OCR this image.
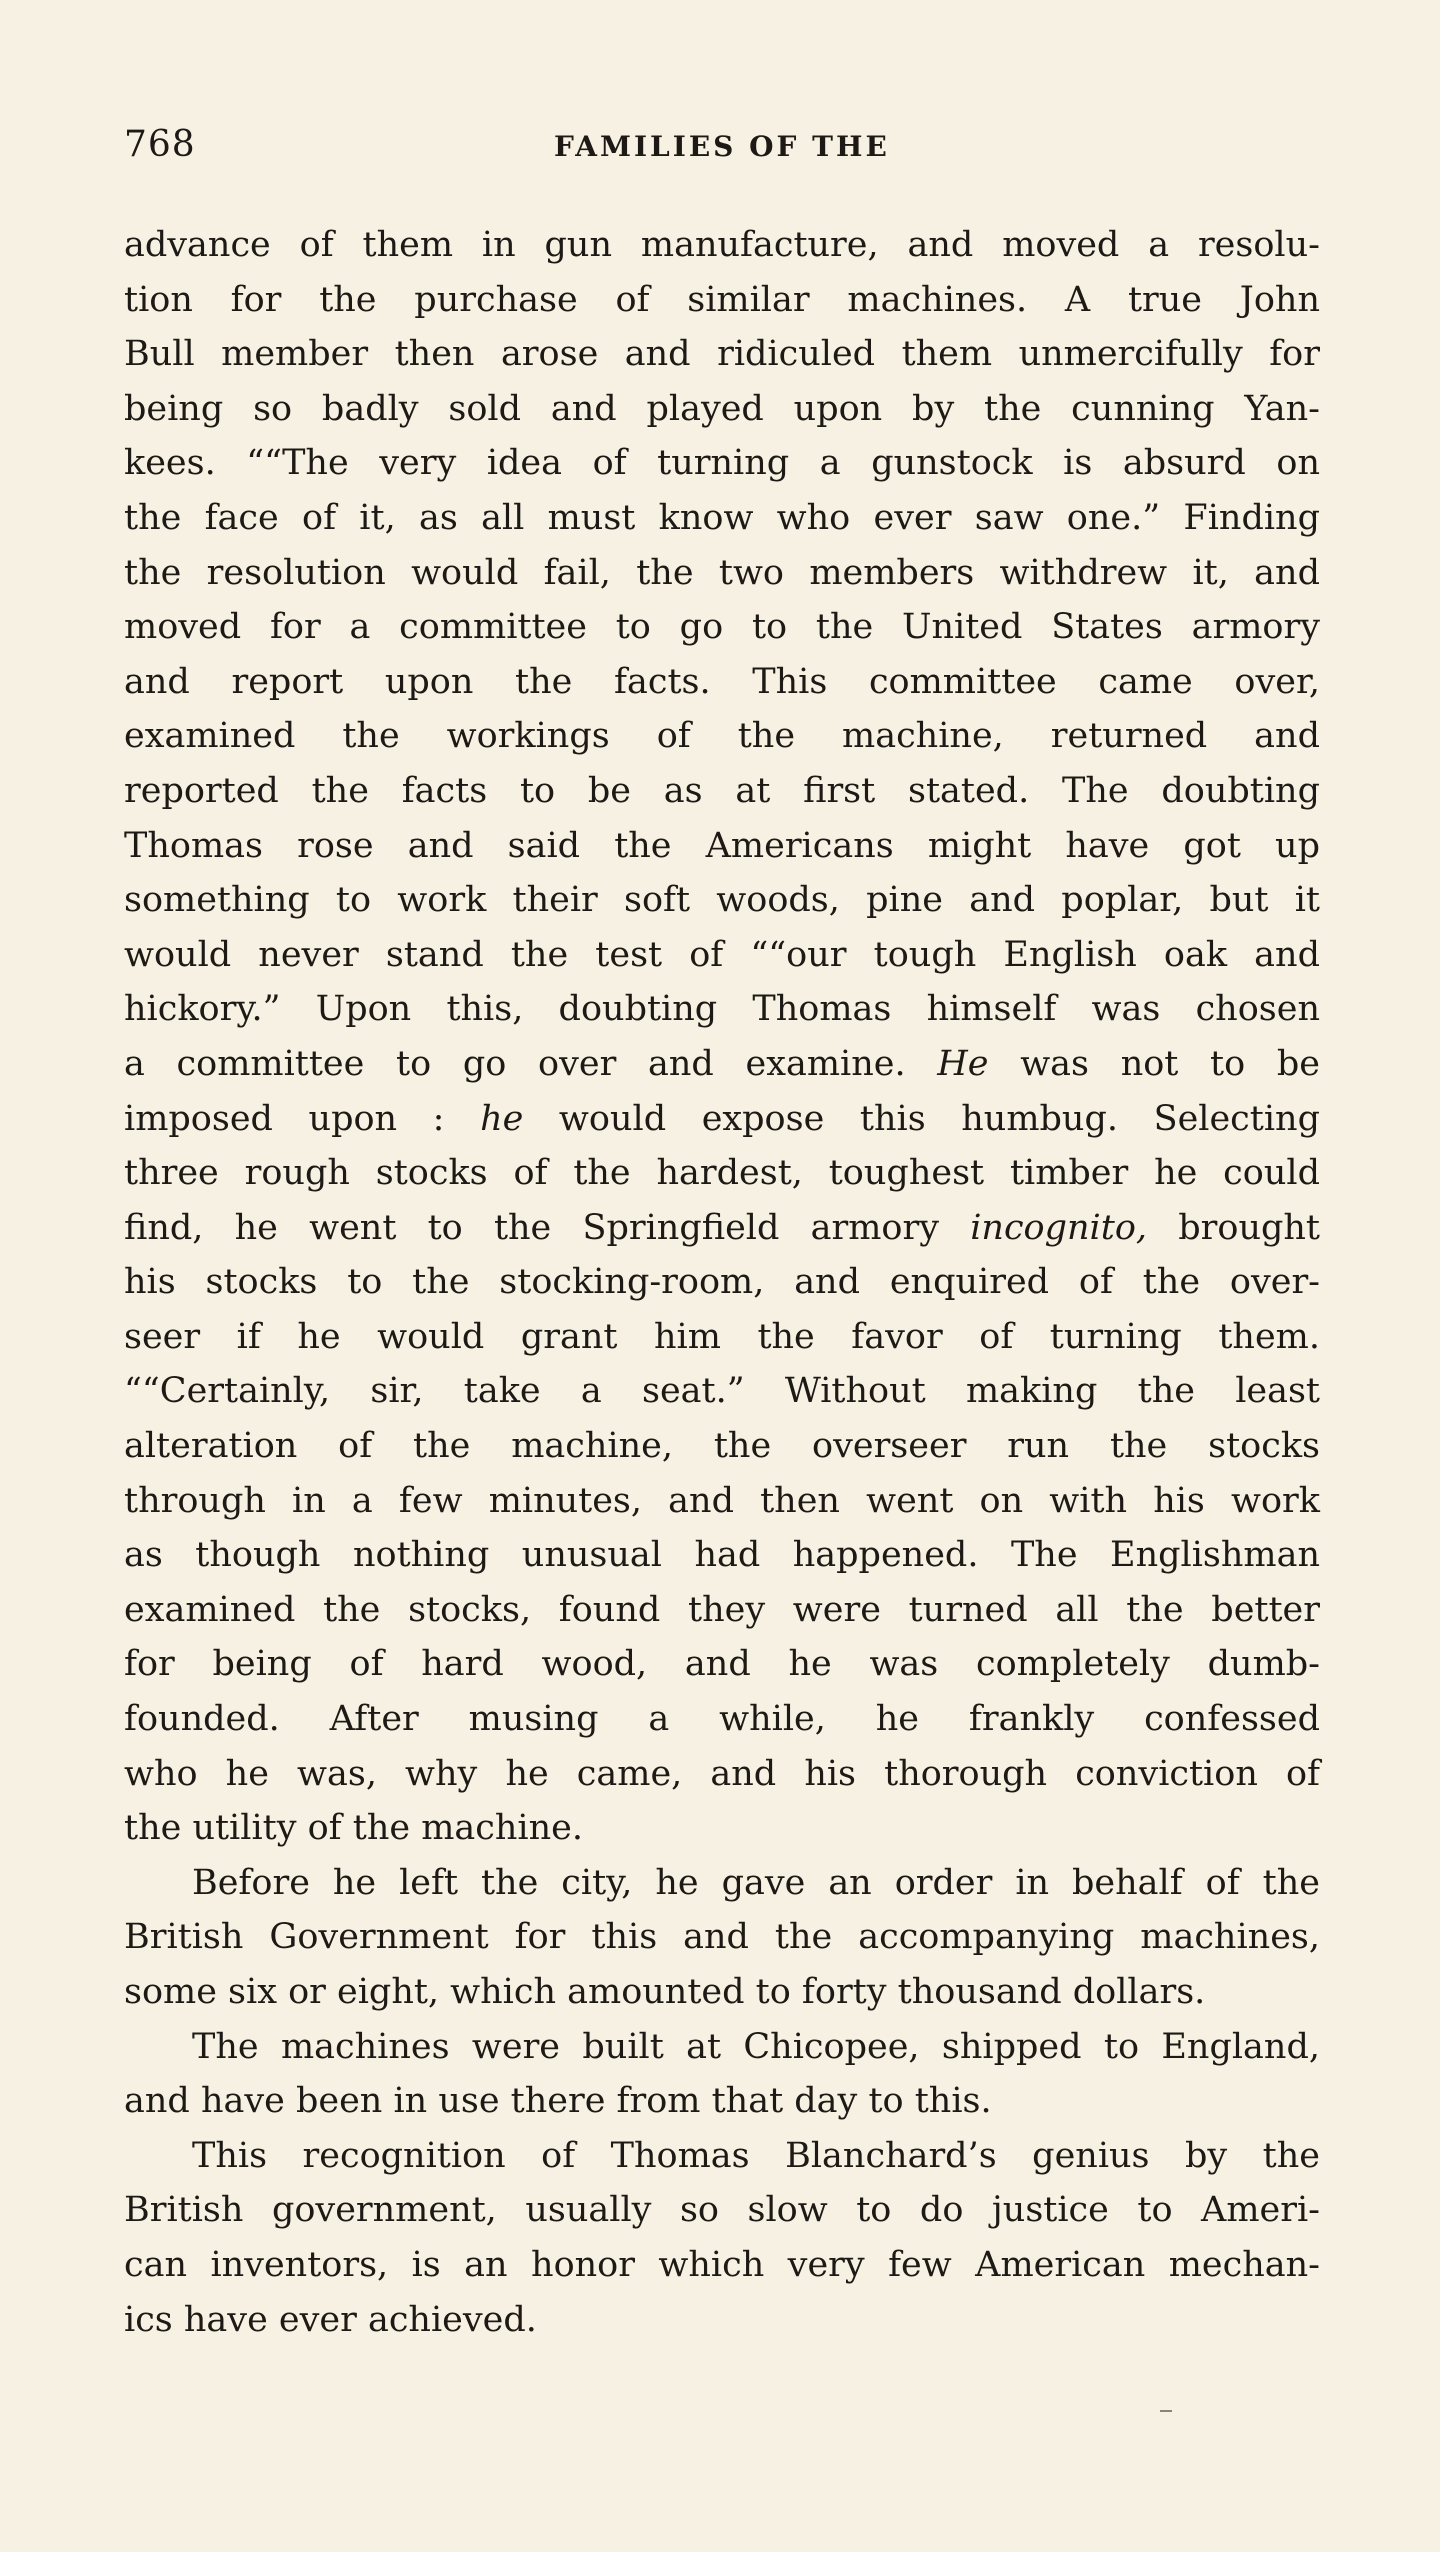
768	FAMILIES OF THE
advance of them in gun manufacture, and moved a resolu-
tion for the purchase of similar machines. A true John
Bull member then arose and ridiculed them unmercifully for
being so badly sold and played upon by the cunning Yan-
kees. ““The very idea of turning a gunstock is absurd on
the face of it, as all must know who ever saw one.” Finding
the resolution would fail, the two members withdrew it, and
moved for a committee to go to the United States armory
and report upon the facts. This committee came over,
examined the workings of the machine, returned and
reported the facts to be as at first stated. The doubting
Thomas rose and said the Americans might have got up
something to work their soft woods, pine and poplar, but it
would never stand the test of ““our tough English oak and
hickory.” Upon this, doubting Thomas himself was chosen
a committee to go over and examine. He was not to be
imposed upon : he would expose this humbug. Selecting
three rough stocks of the hardest, toughest timber he could
find, he went to the Springfield armory incognito, brought
his stocks to the stocking-room, and enquired of the over-
seer if he would grant him the favor of turning them.
““Certainly, sir, take a seat.” Without making the least
alteration of the machine, the overseer run the stocks
through in a few minutes, and then went on with his work
as though nothing unusual had happened. The Englishman
examined the stocks, found they were turned all the better
for being of hard wood, and he was completely dumb-
founded. After musing a while, he frankly confessed
who he was, why he came, and his thorough conviction of
the utility of the machine.
Before he left the city, he gave an order in behalf of the
British Government for this and the accompanying machines,
some six or eight, which amounted to forty thousand dollars.
The machines were built at Chicopee, shipped to England,
and have been in use there from that day to this.
This recognition of Thomas Blanchard’s genius by the
British government, usually so slow to do justice to Ameri-
can inventors, is an honor which very few American mechan-
ics have ever achieved.
